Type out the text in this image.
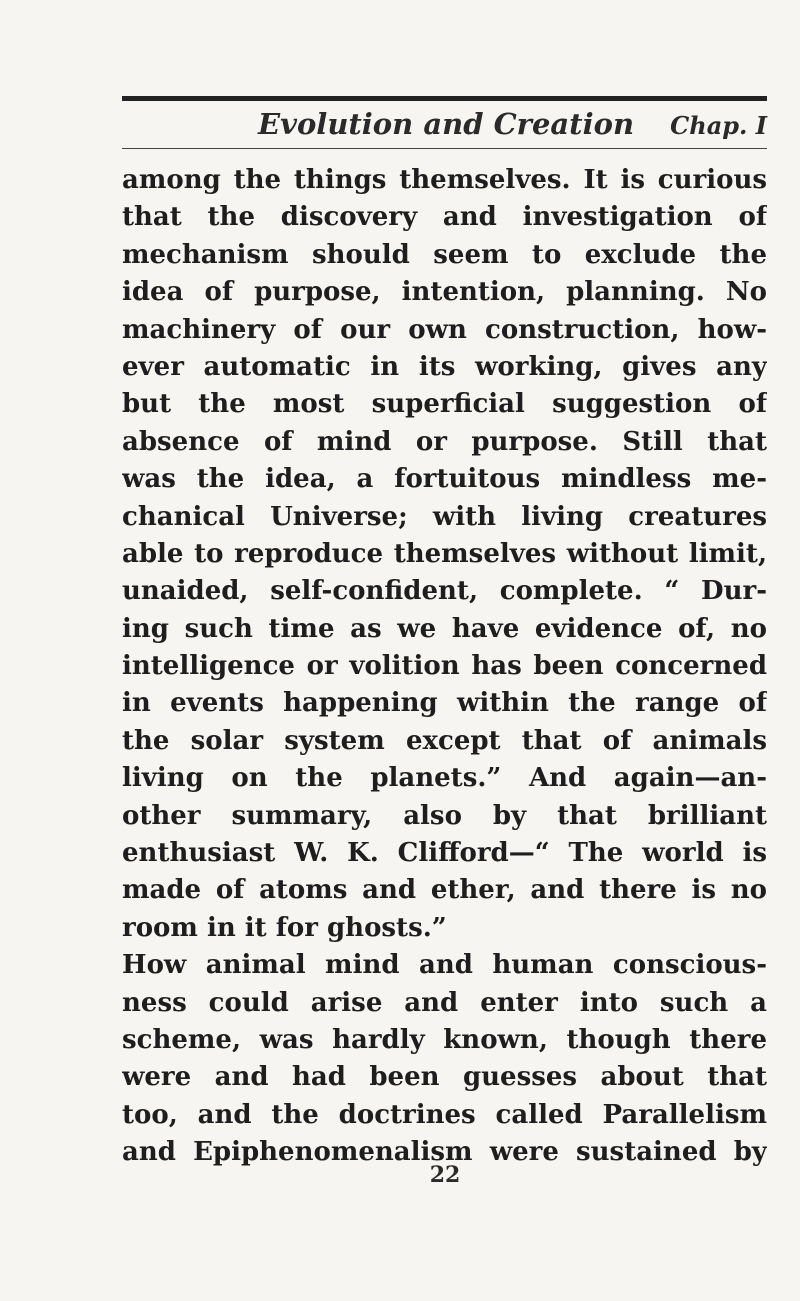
Evolution and Creation Chap. I
among the things themselves. It is curious
that the discovery and investigation of
mechanism should seem to exclude the
idea of purpose, intention, planning. No
machinery of our own construction, how-
ever automatic in its working, gives any
but the most superficial suggestion of
absence of mind or purpose. Still that
was the idea, a fortuitous mindless me-
chanical Universe; with living creatures
able to reproduce themselves without limit,
unaided, self-confident, complete. “ Dur-
ing such time as we have evidence of, no
intelligence or volition has been concerned
in events happening within the range of
the solar system except that of animals
living on the planets.” And again—an-
other summary, also by that brilliant
enthusiast W. K. Clifford—“ The world is
made of atoms and ether, and there is no
room in it for ghosts.”
How animal mind and human conscious-
ness could arise and enter into such a
scheme, was hardly known, though there
were and had been guesses about that
too, and the doctrines called Parallelism
and Epiphenomenalism were sustained by
22
